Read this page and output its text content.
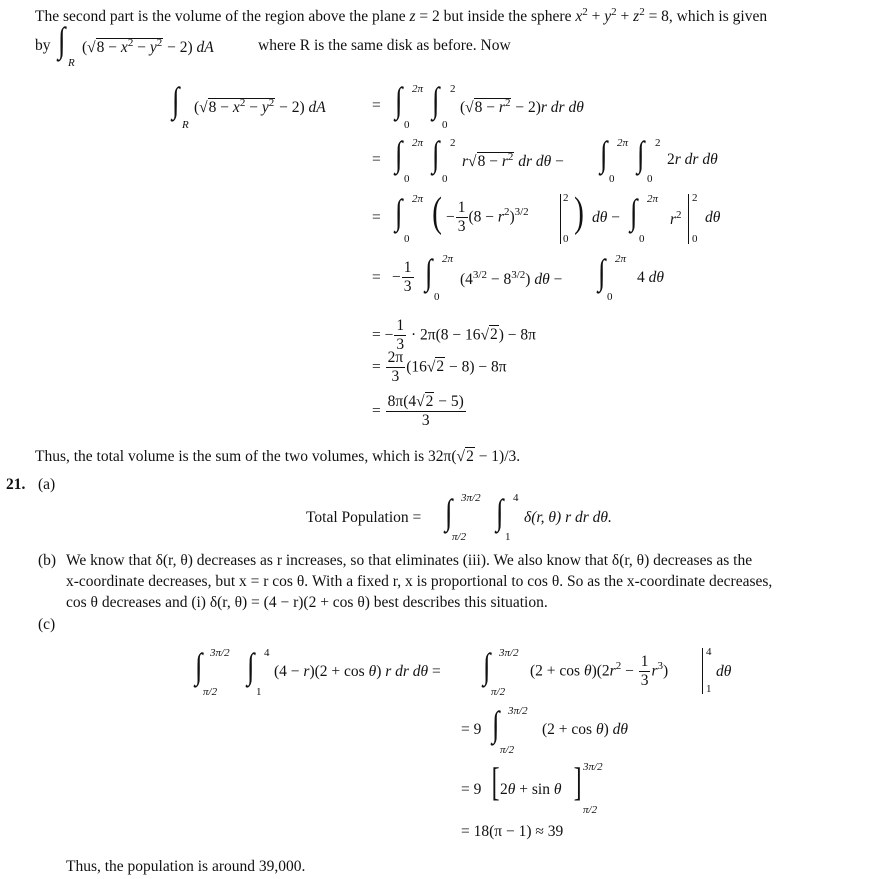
The second part is the volume of the region above the plane z = 2 but inside the sphere $x^2 + y^2 + z^2 = 8$, which is given
by ∫
R
$(√8 - x^2 - y^2 - 2)$ dA	where R is the same disk as before. Now
∫
R
$(√8 - x^2 - y^2 - 2)$ dA	= ∫ 2π
0
∫ 2
0
$(√8 - r^2 - 2)r$ dr dθ
= ∫ 2π
0
∫ 2
0
$r√8 - r^2$ dr dθ − ∫ 2π
0
∫ 2
0
2r dr dθ
= ∫ 2π
0
( − $\frac{1}{3} (8 - r^2)^{3/2}$
2
0
) dθ − ∫ 2π
0
$r^2$
2
0
dθ
= − $\frac{1}{3}$ ∫ 2π
0
$(4^{3/2} - 8^{3/2}) d\theta$ − ∫ 2π
0
4 dθ
= − $\frac{1}{3} \cdot 2\pi(8 - 16√2) - 8\pi$
= $\frac{2\pi}{3} (16√2 - 8) - 8\pi$
= $\frac{8\pi(4√2 - 5)}{3}$
Thus, the total volume is the sum of the two volumes, which is 32π(√2 − 1)/3.
21. (a)
Total Population = ∫ 3π/2
π/2
∫ 4
1
δ(r, θ) r dr dθ.
(b) We know that δ(r, θ) decreases as r increases, so that eliminates (iii). We also know that δ(r, θ) decreases as the
x-coordinate decreases, but x = r cos θ. With a fixed r, x is proportional to cos θ. So as the x-coordinate decreases,
cos θ decreases and (i) δ(r, θ) = (4 − r)(2 + cos θ) best describes this situation.
(c)
∫ 3π/2
π/2
∫ 4
1
(4 − r)(2 + cos θ) r dr dθ = ∫ 3π/2
π/2
$(2 + \cos \theta)(2r^2 - \frac{1}{3} r^3)$
4
1
dθ
= 9 ∫ 3π/2
π/2
(2 + cos θ) dθ
= 9 [ 2θ + sin θ ] 3π/2
π/2
= 18(π − 1) ≈ 39
Thus, the population is around 39,000.
